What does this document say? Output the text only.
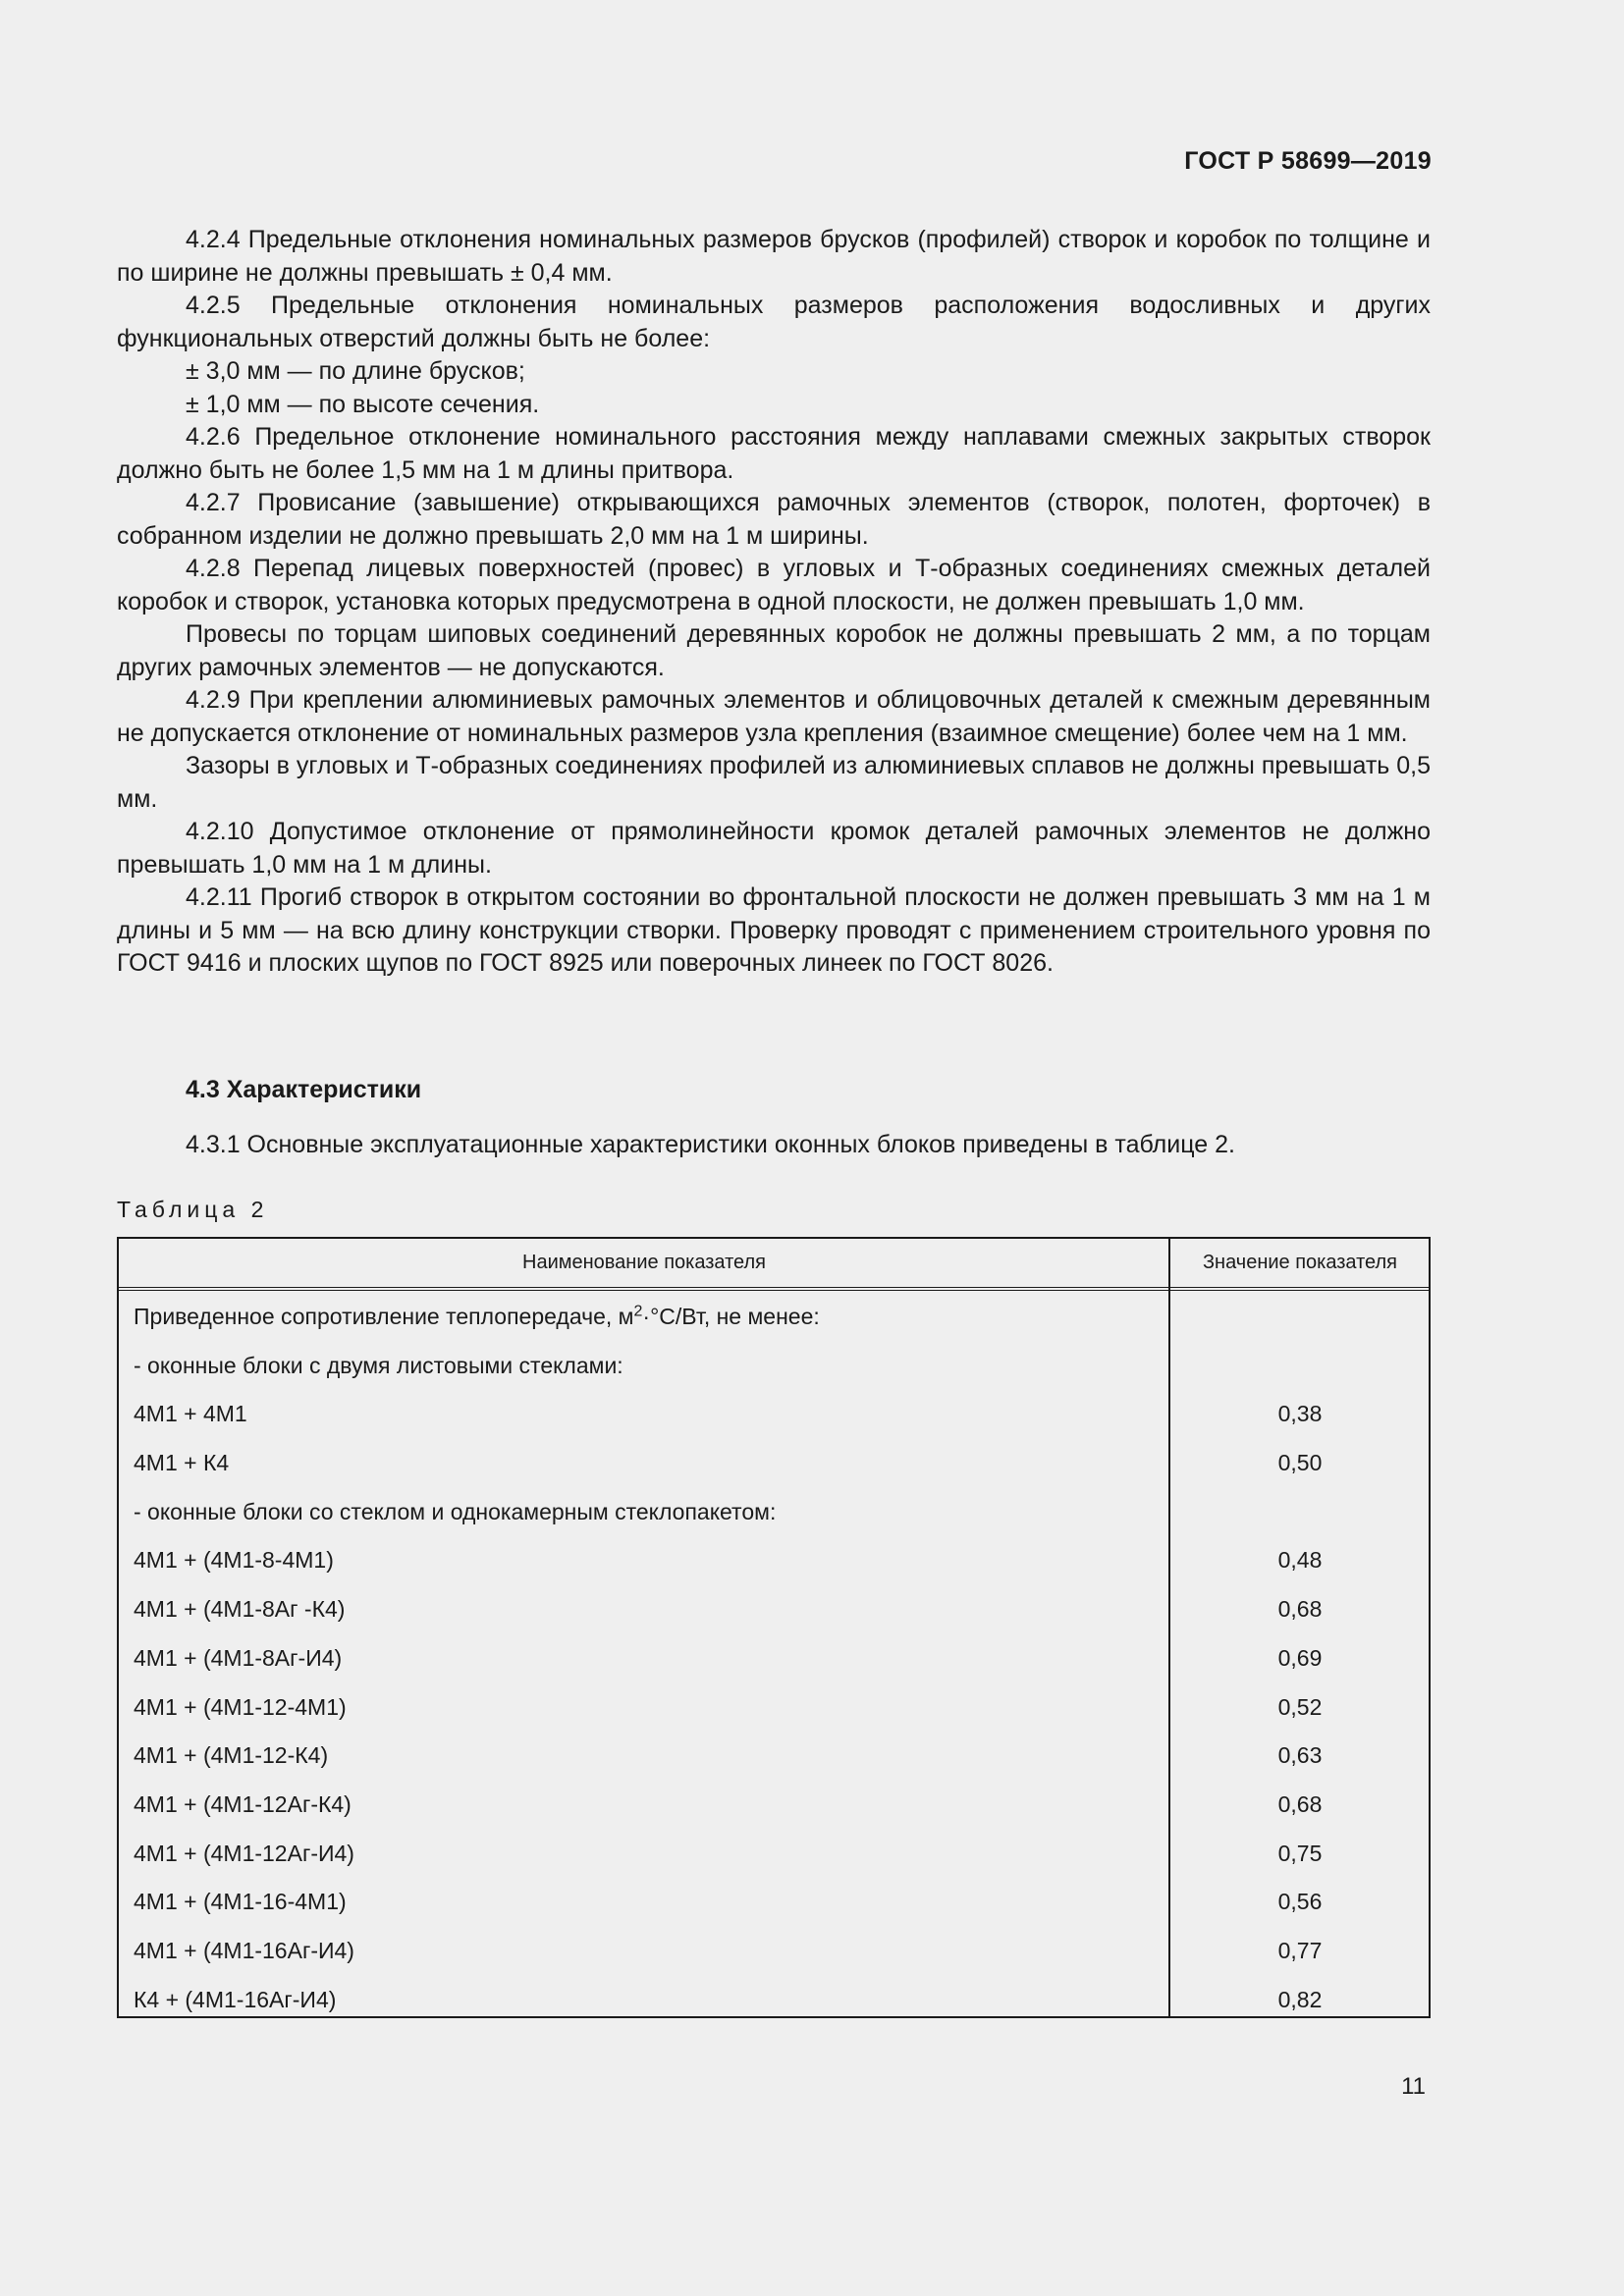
ГОСТ Р 58699—2019

4.2.4 Предельные отклонения номинальных размеров брусков (профилей) створок и коробок по толщине и по ширине не должны превышать ± 0,4 мм.

4.2.5 Предельные отклонения номинальных размеров расположения водосливных и других функциональных отверстий должны быть не более:

± 3,0 мм — по длине брусков;

± 1,0 мм — по высоте сечения.

4.2.6 Предельное отклонение номинального расстояния между наплавами смежных закрытых створок должно быть не более 1,5 мм на 1 м длины притвора.

4.2.7 Провисание (завышение) открывающихся рамочных элементов (створок, полотен, форточек) в собранном изделии не должно превышать 2,0 мм на 1 м ширины.

4.2.8 Перепад лицевых поверхностей (провес) в угловых и Т-образных соединениях смежных деталей коробок и створок, установка которых предусмотрена в одной плоскости, не должен превышать 1,0 мм.

Провесы по торцам шиповых соединений деревянных коробок не должны превышать 2 мм, а по торцам других рамочных элементов — не допускаются.

4.2.9 При креплении алюминиевых рамочных элементов и облицовочных деталей к смежным деревянным не допускается отклонение от номинальных размеров узла крепления (взаимное смещение) более чем на 1 мм.

Зазоры в угловых и Т-образных соединениях профилей из алюминиевых сплавов не должны превышать 0,5 мм.

4.2.10 Допустимое отклонение от прямолинейности кромок деталей рамочных элементов не должно превышать 1,0 мм на 1 м длины.

4.2.11 Прогиб створок в открытом состоянии во фронтальной плоскости не должен превышать 3 мм на 1 м длины и 5 мм — на всю длину конструкции створки. Проверку проводят с применением строительного уровня по ГОСТ 9416 и плоских щупов по ГОСТ 8925 или поверочных линеек по ГОСТ 8026.

4.3 Характеристики
4.3.1 Основные эксплуатационные характеристики оконных блоков приведены в таблице 2.
Таблица 2
Наименование показателя	Значение показателя
Приведенное сопротивление теплопередаче, $м^2\cdot^\circ С/Вт$, не менее:
- оконные блоки с двумя листовыми стеклами:
4М1 + 4М1	0,38
4М1 + К4	0,50
- оконные блоки со стеклом и однокамерным стеклопакетом:
4М1 + (4М1-8-4М1)	0,48
4М1 + (4М1-8Аг -К4)	0,68
4М1 + (4М1-8Аг-И4)	0,69
4М1 + (4М1-12-4М1)	0,52
4М1 + (4М1-12-К4)	0,63
4М1 + (4М1-12Аг-К4)	0,68
4М1 + (4М1-12Аг-И4)	0,75
4М1 + (4М1-16-4М1)	0,56
4М1 + (4М1-16Аг-И4)	0,77
К4 + (4М1-16Аг-И4)	0,82
11
